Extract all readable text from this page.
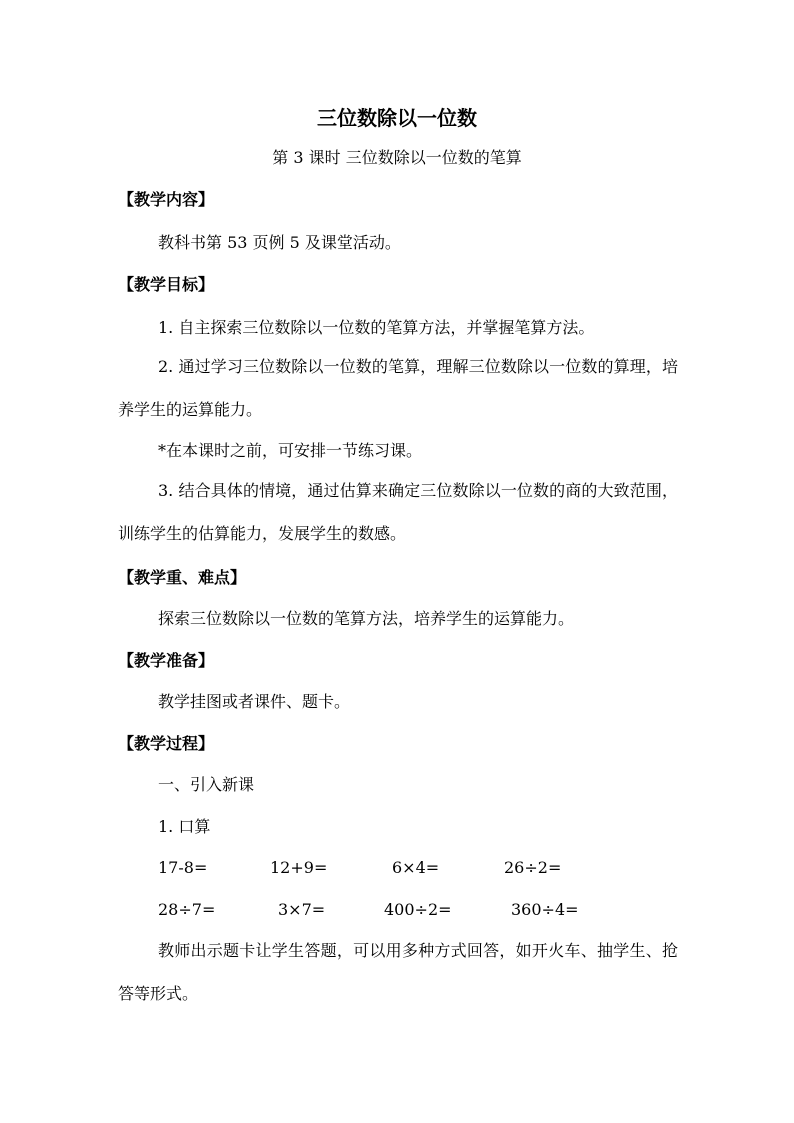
三位数除以一位数
第 3 课时 三位数除以一位数的笔算
【教学内容】
教科书第 53 页例 5 及课堂活动。
【教学目标】
1. 自主探索三位数除以一位数的笔算方法，并掌握笔算方法。
2. 通过学习三位数除以一位数的笔算，理解三位数除以一位数的算理，培养学生的运算能力。
*在本课时之前，可安排一节练习课。
3. 结合具体的情境，通过估算来确定三位数除以一位数的商的大致范围，训练学生的估算能力，发展学生的数感。
【教学重、难点】
探索三位数除以一位数的笔算方法，培养学生的运算能力。
【教学准备】
教学挂图或者课件、题卡。
【教学过程】
一、引入新课
1. 口算
17-8=	12+9=	6×4=	26÷2=
28÷7=	3×7=	400÷2=	360÷4=
教师出示题卡让学生答题，可以用多种方式回答，如开火车、抽学生、抢答等形式。
